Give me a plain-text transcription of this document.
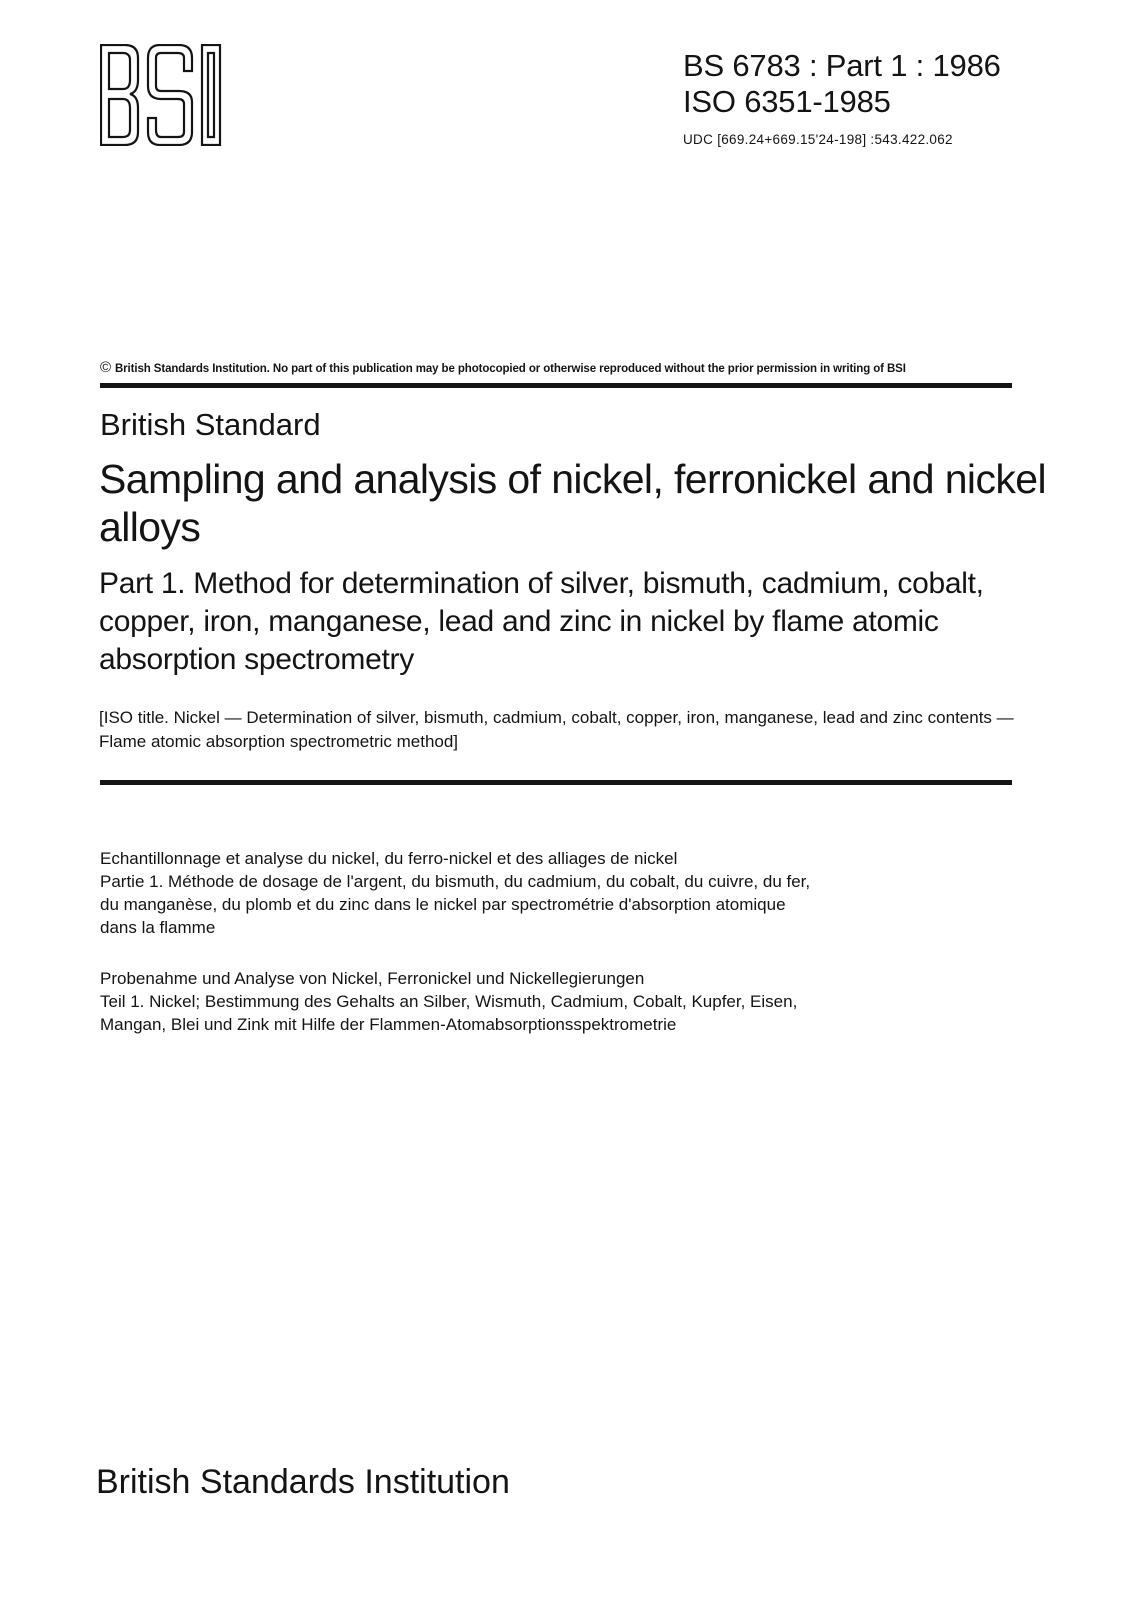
BS 6783 : Part 1 : 1986
ISO 6351-1985
UDC [669.24+669.15'24-198] :543.422.062
© British Standards Institution. No part of this publication may be photocopied or otherwise reproduced without the prior permission in writing of BSI
British Standard
Sampling and analysis of nickel, ferronickel and nickel alloys
Part 1. Method for determination of silver, bismuth, cadmium, cobalt, copper, iron, manganese, lead and zinc in nickel by flame atomic absorption spectrometry
[ISO title. Nickel — Determination of silver, bismuth, cadmium, cobalt, copper, iron, manganese, lead and zinc contents — Flame atomic absorption spectrometric method]
Echantillonnage et analyse du nickel, du ferro-nickel et des alliages de nickel
Partie 1. Méthode de dosage de l'argent, du bismuth, du cadmium, du cobalt, du cuivre, du fer,
du manganèse, du plomb et du zinc dans le nickel par spectrométrie d'absorption atomique
dans la flamme
Probenahme und Analyse von Nickel, Ferronickel und Nickellegierungen
Teil 1. Nickel; Bestimmung des Gehalts an Silber, Wismuth, Cadmium, Cobalt, Kupfer, Eisen,
Mangan, Blei und Zink mit Hilfe der Flammen-Atomabsorptionsspektrometrie
British Standards Institution
